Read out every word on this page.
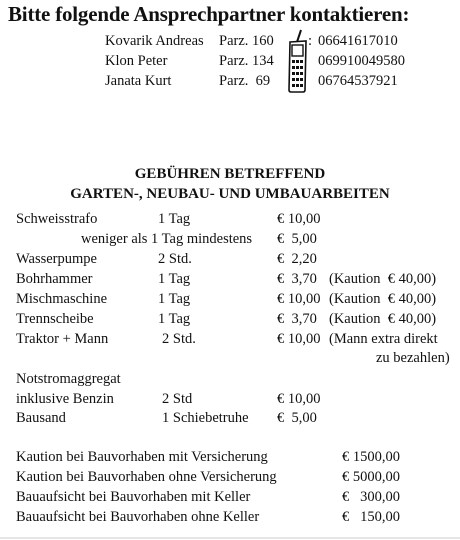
Bitte folgende Ansprechpartner kontaktieren:
Kovarik Andreas Parz. 160 : 06641617010
Klon Peter	Parz. 134	069910049580
Janata Kurt	Parz.  69	06764537921
GEBÜHREN BETREFFEND
GARTEN-, NEUBAU- UND UMBAUARBEITEN
Schweisstrafo	1 Tag	€ 10,00
weniger als 1 Tag mindestens €  5,00
Wasserpumpe	2 Std.	€  2,20
Bohrhammer	1 Tag	€  3,70 (Kaution  € 40,00)
Mischmaschine	1 Tag	€ 10,00 (Kaution  € 40,00)
Trennscheibe	1 Tag	€  3,70 (Kaution  € 40,00)
Traktor + Mann	2 Std.	€ 10,00 (Mann extra direkt
zu bezahlen)
Notstromaggregat
inklusive Benzin	2 Std	€ 10,00
Bausand	1 Schiebetruhe €  5,00
Kaution bei Bauvorhaben mit Versicherung	€ 1500,00
Kaution bei Bauvorhaben ohne Versicherung	€ 5000,00
Bauaufsicht bei Bauvorhaben mit Keller	€   300,00
Bauaufsicht bei Bauvorhaben ohne Keller	€   150,00
